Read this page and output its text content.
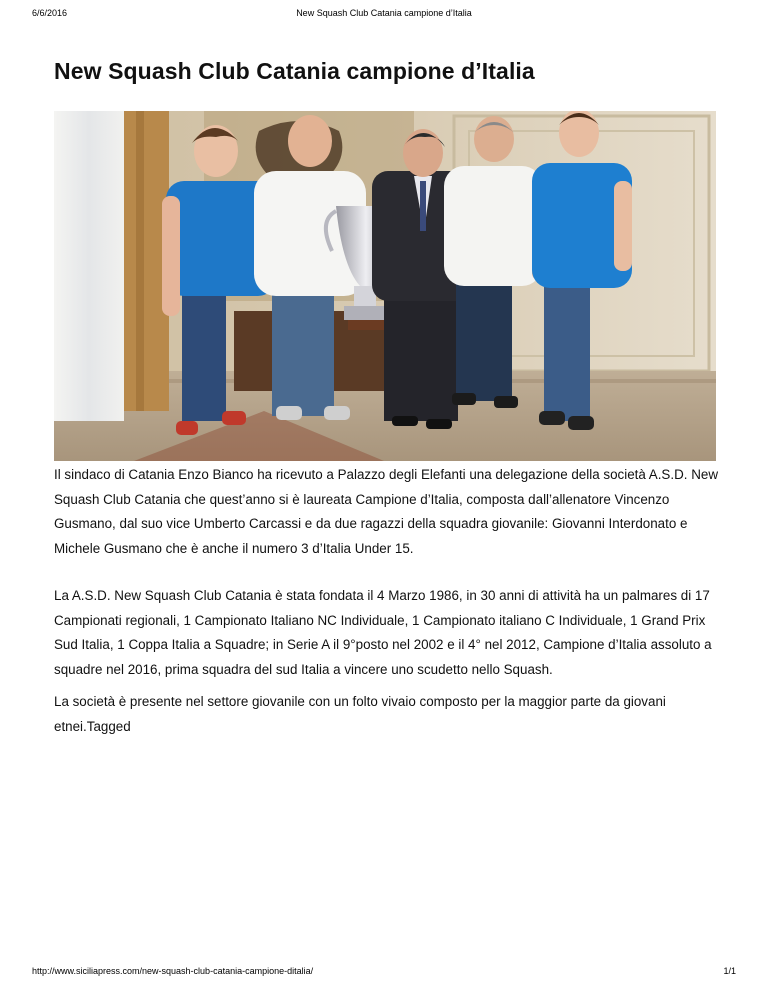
6/6/2016	New Squash Club Catania campione d’Italia
New Squash Club Catania campione d’Italia

Il sindaco di Catania Enzo Bianco ha ricevuto a Palazzo degli Elefanti una delegazione della società A.S.D. New Squash Club Catania che quest’anno si è laureata Campione d’Italia, composta dall’allenatore Vincenzo Gusmano, dal suo vice Umberto Carcassi e da due ragazzi della squadra giovanile: Giovanni Interdonato e Michele Gusmano che è anche il numero 3 d’Italia Under 15.

La A.S.D. New Squash Club Catania è stata fondata il 4 Marzo 1986, in 30 anni di attività ha un palmares di 17 Campionati regionali, 1 Campionato Italiano NC Individuale, 1 Campionato italiano C Individuale, 1 Grand Prix Sud Italia, 1 Coppa Italia a Squadre; in Serie A il 9°posto nel 2002 e il 4° nel 2012, Campione d’Italia assoluto a squadre nel 2016, prima squadra del sud Italia a vincere uno scudetto nello Squash.

La società è presente nel settore giovanile con un folto vivaio composto per la maggior parte da giovani etnei.Tagged

http://www.siciliapress.com/new-squash-club-catania-campione-ditalia/	1/1
